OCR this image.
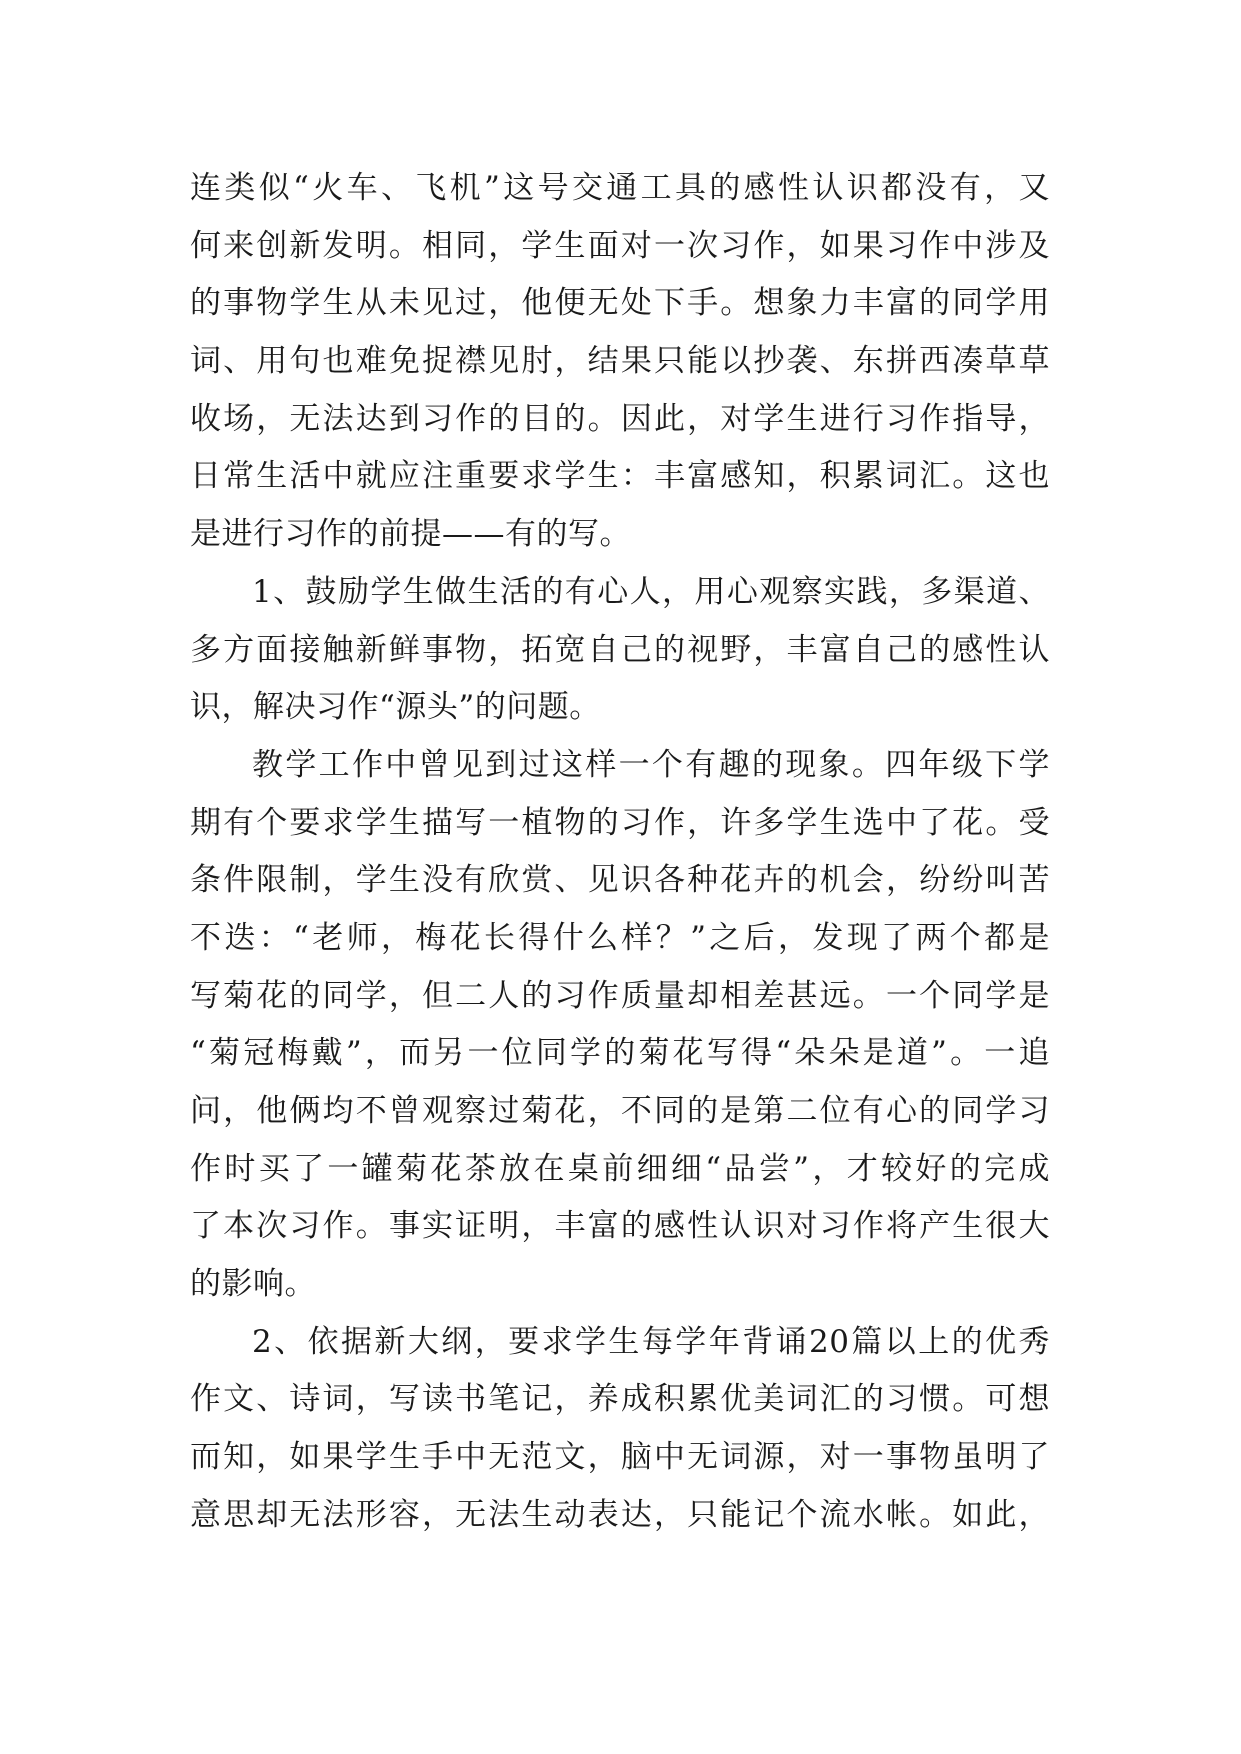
连类似“火车、飞机”这号交通工具的感性认识都没有，又
何来创新发明。相同，学生面对一次习作，如果习作中涉及
的事物学生从未见过，他便无处下手。想象力丰富的同学用
词、用句也难免捉襟见肘，结果只能以抄袭、东拼西凑草草
收场，无法达到习作的目的。因此，对学生进行习作指导，
日常生活中就应注重要求学生：丰富感知，积累词汇。这也
是进行习作的前提——有的写。
1、鼓励学生做生活的有心人，用心观察实践，多渠道、
多方面接触新鲜事物，拓宽自己的视野，丰富自己的感性认
识，解决习作“源头”的问题。
教学工作中曾见到过这样一个有趣的现象。四年级下学
期有个要求学生描写一植物的习作，许多学生选中了花。受
条件限制，学生没有欣赏、见识各种花卉的机会，纷纷叫苦
不迭：“老师，梅花长得什么样？”之后，发现了两个都是
写菊花的同学，但二人的习作质量却相差甚远。一个同学是
“菊冠梅戴”，而另一位同学的菊花写得“朵朵是道”。一追
问，他俩均不曾观察过菊花，不同的是第二位有心的同学习
作时买了一罐菊花茶放在桌前细细“品尝”，才较好的完成
了本次习作。事实证明，丰富的感性认识对习作将产生很大
的影响。
2、依据新大纲，要求学生每学年背诵20篇以上的优秀
作文、诗词，写读书笔记，养成积累优美词汇的习惯。可想
而知，如果学生手中无范文，脑中无词源，对一事物虽明了
意思却无法形容，无法生动表达，只能记个流水帐。如此，
